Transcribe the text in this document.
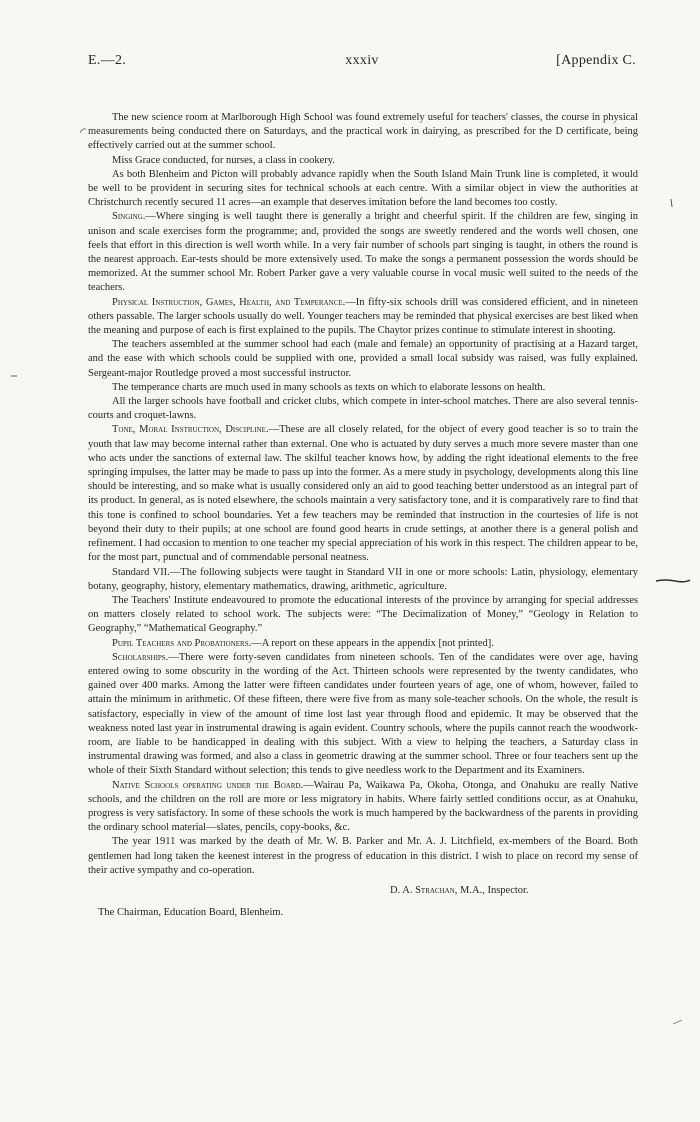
E.—2.	xxxiv	[Appendix C.

The new science room at Marlborough High School was found extremely useful for teachers' classes, the course in physical measurements being conducted there on Saturdays, and the practical work in dairying, as prescribed for the D certificate, being effectively carried out at the summer school.

Miss Grace conducted, for nurses, a class in cookery.

As both Blenheim and Picton will probably advance rapidly when the South Island Main Trunk line is completed, it would be well to be provident in securing sites for technical schools at each centre. With a similar object in view the authorities at Christchurch recently secured 11 acres—an example that deserves imitation before the land becomes too costly.

Singing.—Where singing is well taught there is generally a bright and cheerful spirit. If the children are few, singing in unison and scale exercises form the programme; and, provided the songs are sweetly rendered and the words well chosen, one feels that effort in this direction is well worth while. In a very fair number of schools part singing is taught, in others the round is the nearest approach. Ear-tests should be more extensively used. To make the songs a permanent possession the words should be memorized. At the summer school Mr. Robert Parker gave a very valuable course in vocal music well suited to the needs of the teachers.

Physical Instruction, Games, Health, and Temperance.—In fifty-six schools drill was considered efficient, and in nineteen others passable. The larger schools usually do well. Younger teachers may be reminded that physical exercises are best liked when the meaning and purpose of each is first explained to the pupils. The Chaytor prizes continue to stimulate interest in shooting.

The teachers assembled at the summer school had each (male and female) an opportunity of practising at a Hazard target, and the ease with which schools could be supplied with one, provided a small local subsidy was raised, was fully explained. Sergeant-major Routledge proved a most successful instructor.

The temperance charts are much used in many schools as texts on which to elaborate lessons on health.

All the larger schools have football and cricket clubs, which compete in inter-school matches. There are also several tennis-courts and croquet-lawns.

Tone, Moral Instruction, Discipline.—These are all closely related, for the object of every good teacher is so to train the youth that law may become internal rather than external. One who is actuated by duty serves a much more severe master than one who acts under the sanctions of external law. The skilful teacher knows how, by adding the right ideational elements to the free springing impulses, the latter may be made to pass up into the former. As a mere study in psychology, developments along this line should be interesting, and so make what is usually considered only an aid to good teaching better understood as an integral part of its product. In general, as is noted elsewhere, the schools maintain a very satisfactory tone, and it is comparatively rare to find that this tone is confined to school boundaries. Yet a few teachers may be reminded that instruction in the courtesies of life is not beyond their duty to their pupils; at one school are found good hearts in crude settings, at another there is a general polish and refinement. I had occasion to mention to one teacher my special appreciation of his work in this respect. The children appear to be, for the most part, punctual and of commendable personal neatness.

Standard VII.—The following subjects were taught in Standard VII in one or more schools: Latin, physiology, elementary botany, geography, history, elementary mathematics, drawing, arithmetic, agriculture.

The Teachers' Institute endeavoured to promote the educational interests of the province by arranging for special addresses on matters closely related to school work. The subjects were: “The Decimalization of Money,” “Geology in Relation to Geography,” “Mathematical Geography.”

Pupil Teachers and Probationers.—A report on these appears in the appendix [not printed].

Scholarships.—There were forty-seven candidates from nineteen schools. Ten of the candidates were over age, having entered owing to some obscurity in the wording of the Act. Thirteen schools were represented by the twenty candidates, who gained over 400 marks. Among the latter were fifteen candidates under fourteen years of age, one of whom, however, failed to attain the minimum in arithmetic. Of these fifteen, there were five from as many sole-teacher schools. On the whole, the result is satisfactory, especially in view of the amount of time lost last year through flood and epidemic. It may be observed that the weakness noted last year in instrumental drawing is again evident. Country schools, where the pupils cannot reach the woodwork-room, are liable to be handicapped in dealing with this subject. With a view to helping the teachers, a Saturday class in instrumental drawing was formed, and also a class in geometric drawing at the summer school. Three or four teachers sent up the whole of their Sixth Standard without selection; this tends to give needless work to the Department and its Examiners.

Native Schools operating under the Board.—Wairau Pa, Waikawa Pa, Okoha, Otonga, and Onahuku are really Native schools, and the children on the roll are more or less migratory in habits. Where fairly settled conditions occur, as at Onahuku, progress is very satisfactory. In some of these schools the work is much hampered by the backwardness of the parents in providing the ordinary school material—slates, pencils, copy-books, &c.

The year 1911 was marked by the death of Mr. W. B. Parker and Mr. A. J. Litchfield, ex-members of the Board. Both gentlemen had long taken the keenest interest in the progress of education in this district. I wish to place on record my sense of their active sympathy and co-operation.

D. A. Strachan, M.A., Inspector.
The Chairman, Education Board, Blenheim.
